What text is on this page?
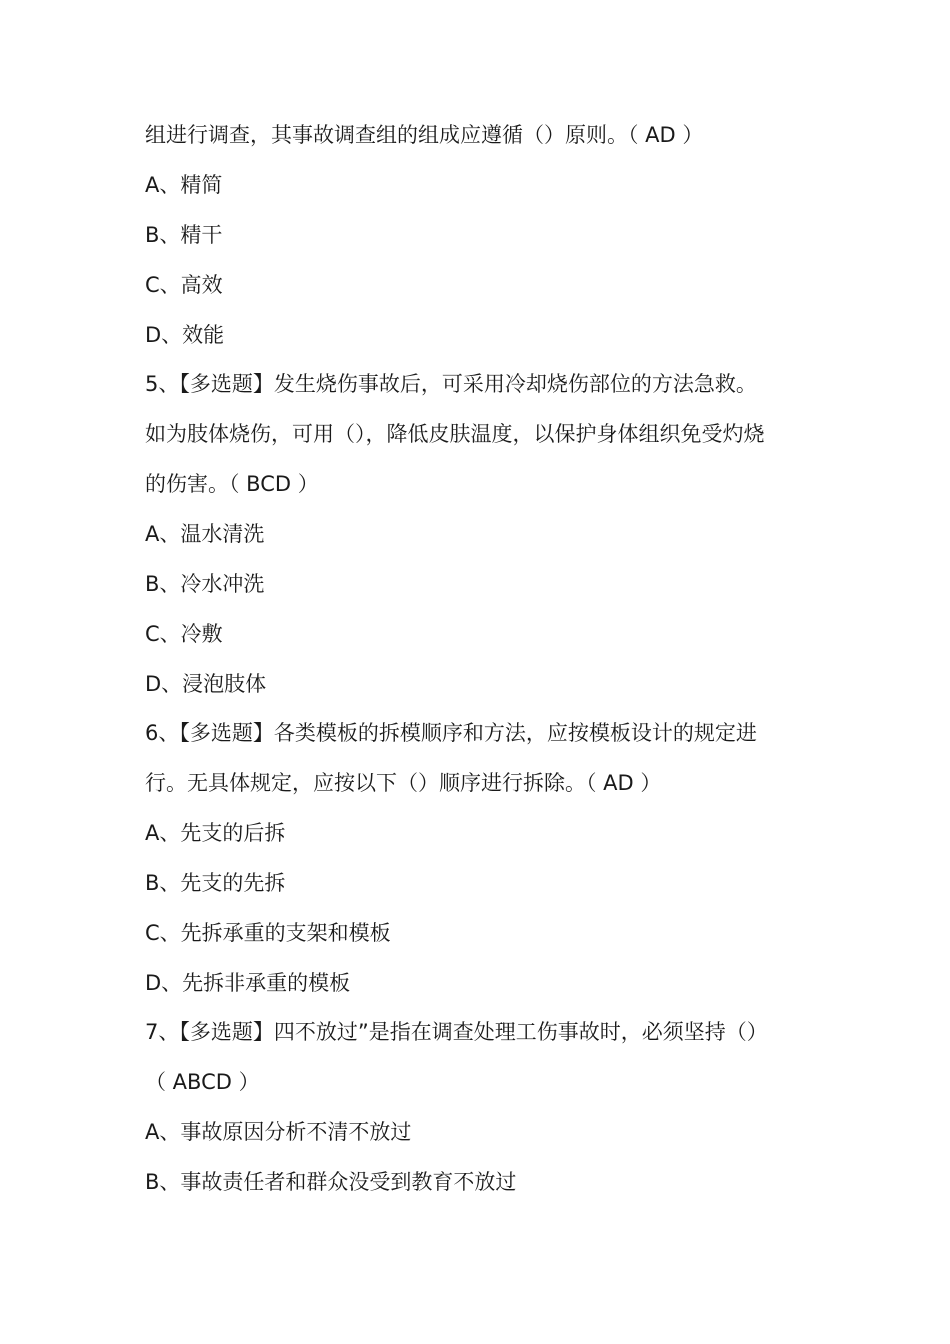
组进行调查，其事故调查组的组成应遵循（）原则。（ AD ）
A、精简
B、精干
C、高效
D、效能
5、【多选题】发生烧伤事故后，可采用冷却烧伤部位的方法急救。
如为肢体烧伤，可用（），降低皮肤温度，以保护身体组织免受灼烧
的伤害。（ BCD ）
A、温水清洗
B、冷水冲洗
C、冷敷
D、浸泡肢体
6、【多选题】各类模板的拆模顺序和方法，应按模板设计的规定进
行。无具体规定，应按以下（）顺序进行拆除。（ AD ）
A、先支的后拆
B、先支的先拆
C、先拆承重的支架和模板
D、先拆非承重的模板
7、【多选题】四不放过”是指在调查处理工伤事故时，必须坚持（）
（ ABCD ）
A、事故原因分析不清不放过
B、事故责任者和群众没受到教育不放过
